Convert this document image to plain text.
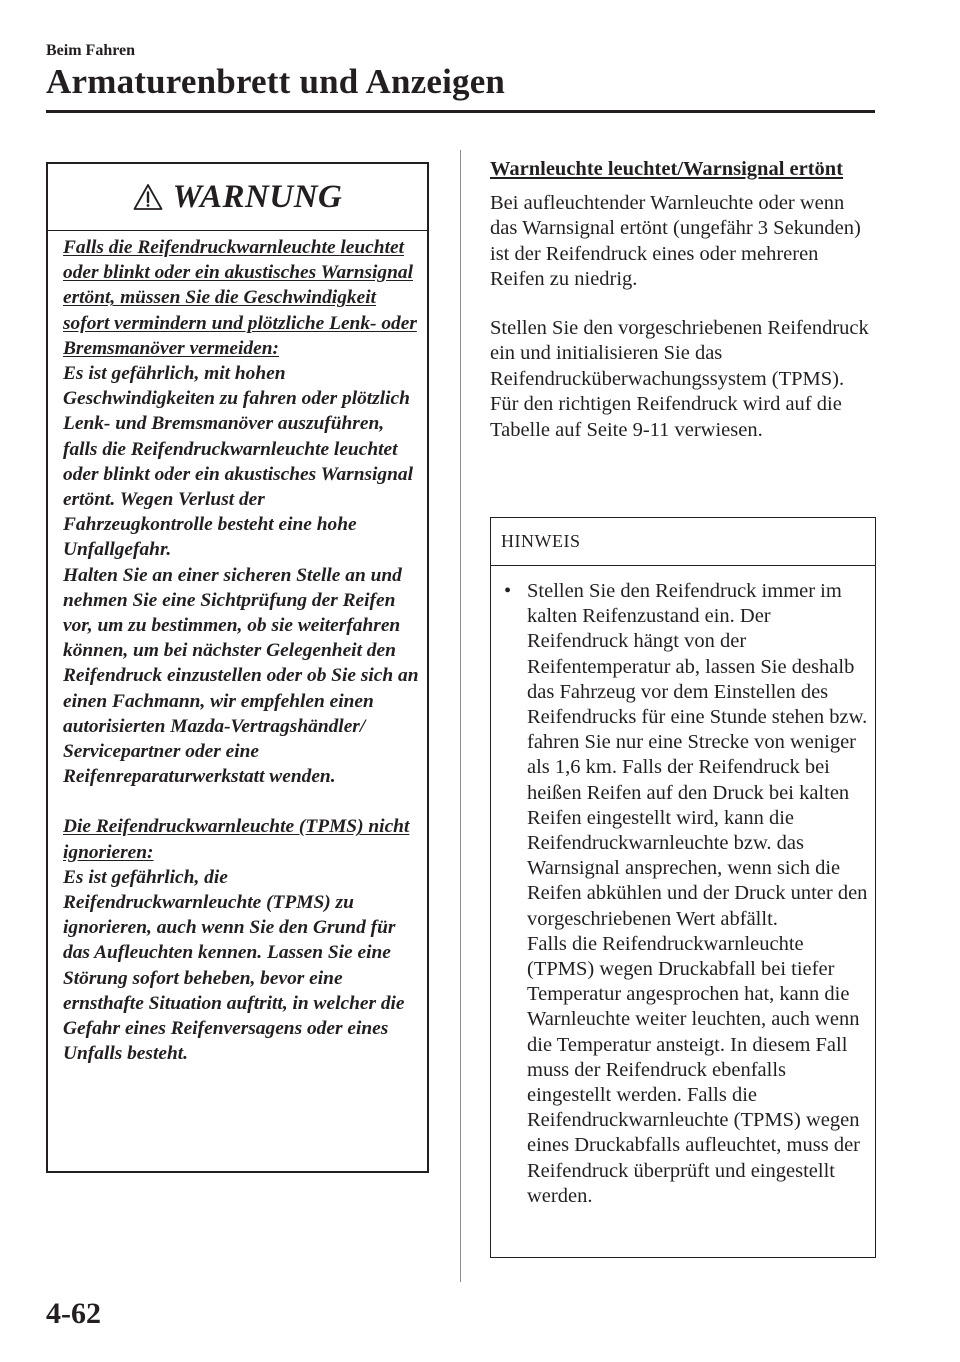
Beim Fahren
Armaturenbrett und Anzeigen
WARNUNG

Falls die Reifendruckwarnleuchte leuchtet oder blinkt oder ein akustisches Warnsignal ertönt, müssen Sie die Geschwindigkeit sofort vermindern und plötzliche Lenk- oder Bremsmanöver vermeiden:

Es ist gefährlich, mit hohen Geschwindigkeiten zu fahren oder plötzlich Lenk- und Bremsmanöver auszuführen, falls die Reifendruckwarnleuchte leuchtet oder blinkt oder ein akustisches Warnsignal ertönt. Wegen Verlust der Fahrzeugkontrolle besteht eine hohe Unfallgefahr.

Halten Sie an einer sicheren Stelle an und nehmen Sie eine Sichtprüfung der Reifen vor, um zu bestimmen, ob sie weiterfahren können, um bei nächster Gelegenheit den Reifendruck einzustellen oder ob Sie sich an einen Fachmann, wir empfehlen einen autorisierten Mazda-Vertragshändler/ Servicepartner oder eine Reifenreparaturwerkstatt wenden.

Die Reifendruckwarnleuchte (TPMS) nicht ignorieren:

Es ist gefährlich, die Reifendruckwarnleuchte (TPMS) zu ignorieren, auch wenn Sie den Grund für das Aufleuchten kennen. Lassen Sie eine Störung sofort beheben, bevor eine ernsthafte Situation auftritt, in welcher die Gefahr eines Reifenversagens oder eines Unfalls besteht.

Warnleuchte leuchtet/Warnsignal ertönt

Bei aufleuchtender Warnleuchte oder wenn das Warnsignal ertönt (ungefähr 3 Sekunden) ist der Reifendruck eines oder mehreren Reifen zu niedrig.

Stellen Sie den vorgeschriebenen Reifendruck ein und initialisieren Sie das Reifendrucküberwachungssystem (TPMS). Für den richtigen Reifendruck wird auf die Tabelle auf Seite 9-11 verwiesen.

HINWEIS
• Stellen Sie den Reifendruck immer im kalten Reifenzustand ein. Der Reifendruck hängt von der Reifentemperatur ab, lassen Sie deshalb das Fahrzeug vor dem Einstellen des Reifendrucks für eine Stunde stehen bzw. fahren Sie nur eine Strecke von weniger als 1,6 km. Falls der Reifendruck bei heißen Reifen auf den Druck bei kalten Reifen eingestellt wird, kann die Reifendruckwarnleuchte bzw. das Warnsignal ansprechen, wenn sich die Reifen abkühlen und der Druck unter den vorgeschriebenen Wert abfällt.
Falls die Reifendruckwarnleuchte (TPMS) wegen Druckabfall bei tiefer Temperatur angesprochen hat, kann die Warnleuchte weiter leuchten, auch wenn die Temperatur ansteigt. In diesem Fall muss der Reifendruck ebenfalls eingestellt werden. Falls die Reifendruckwarnleuchte (TPMS) wegen eines Druckabfalls aufleuchtet, muss der Reifendruck überprüft und eingestellt werden.
4-62
